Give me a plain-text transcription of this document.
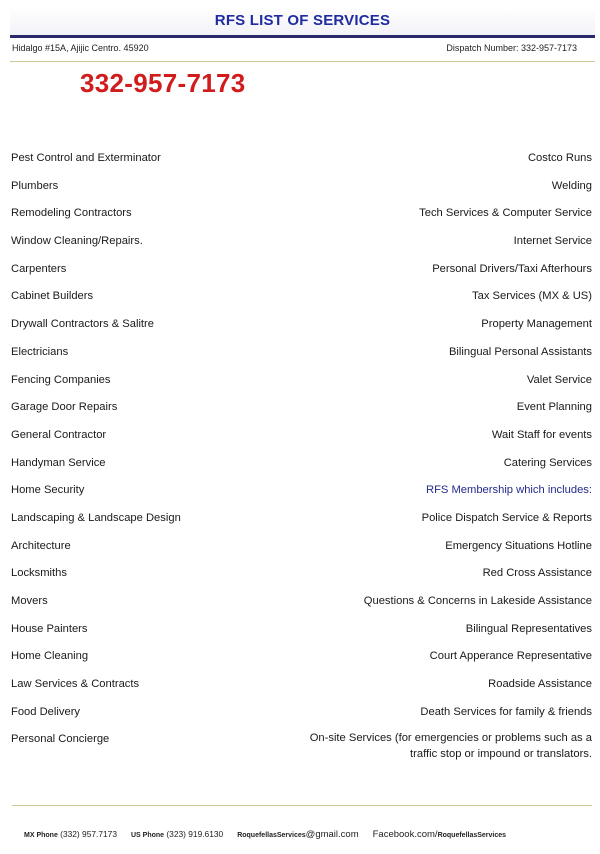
RFS LIST OF SERVICES
Hidalgo #15A, Ajijic Centro. 45920	Dispatch Number: 332-957-7173
332-957-7173
Pest Control and Exterminator
Plumbers
Remodeling Contractors
Window Cleaning/Repairs.
Carpenters
Cabinet Builders
Drywall Contractors & Salitre
Electricians
Fencing Companies
Garage Door Repairs
General Contractor
Handyman Service
Home Security
Landscaping & Landscape Design
Architecture
Locksmiths
Movers
House Painters
Home Cleaning
Law Services & Contracts
Food Delivery
Personal Concierge
Costco Runs
Welding
Tech Services & Computer Service
Internet Service
Personal Drivers/Taxi Afterhours
Tax Services (MX & US)
Property Management
Bilingual Personal Assistants
Valet Service
Event Planning
Wait Staff for events
Catering Services
RFS Membership which includes:
Police Dispatch Service & Reports
Emergency Situations Hotline
Red Cross Assistance
Questions & Concerns in Lakeside Assistance
Bilingual Representatives
Court Apperance Representative
Roadside Assistance
Death Services for family & friends
On-site Services (for emergencies or problems such as a traffic stop or impound or translators.
MX Phone (332) 957.7173 US Phone (323) 919.6130 RoquefellasServices@gmail.com Facebook.com/RoquefellasServices
